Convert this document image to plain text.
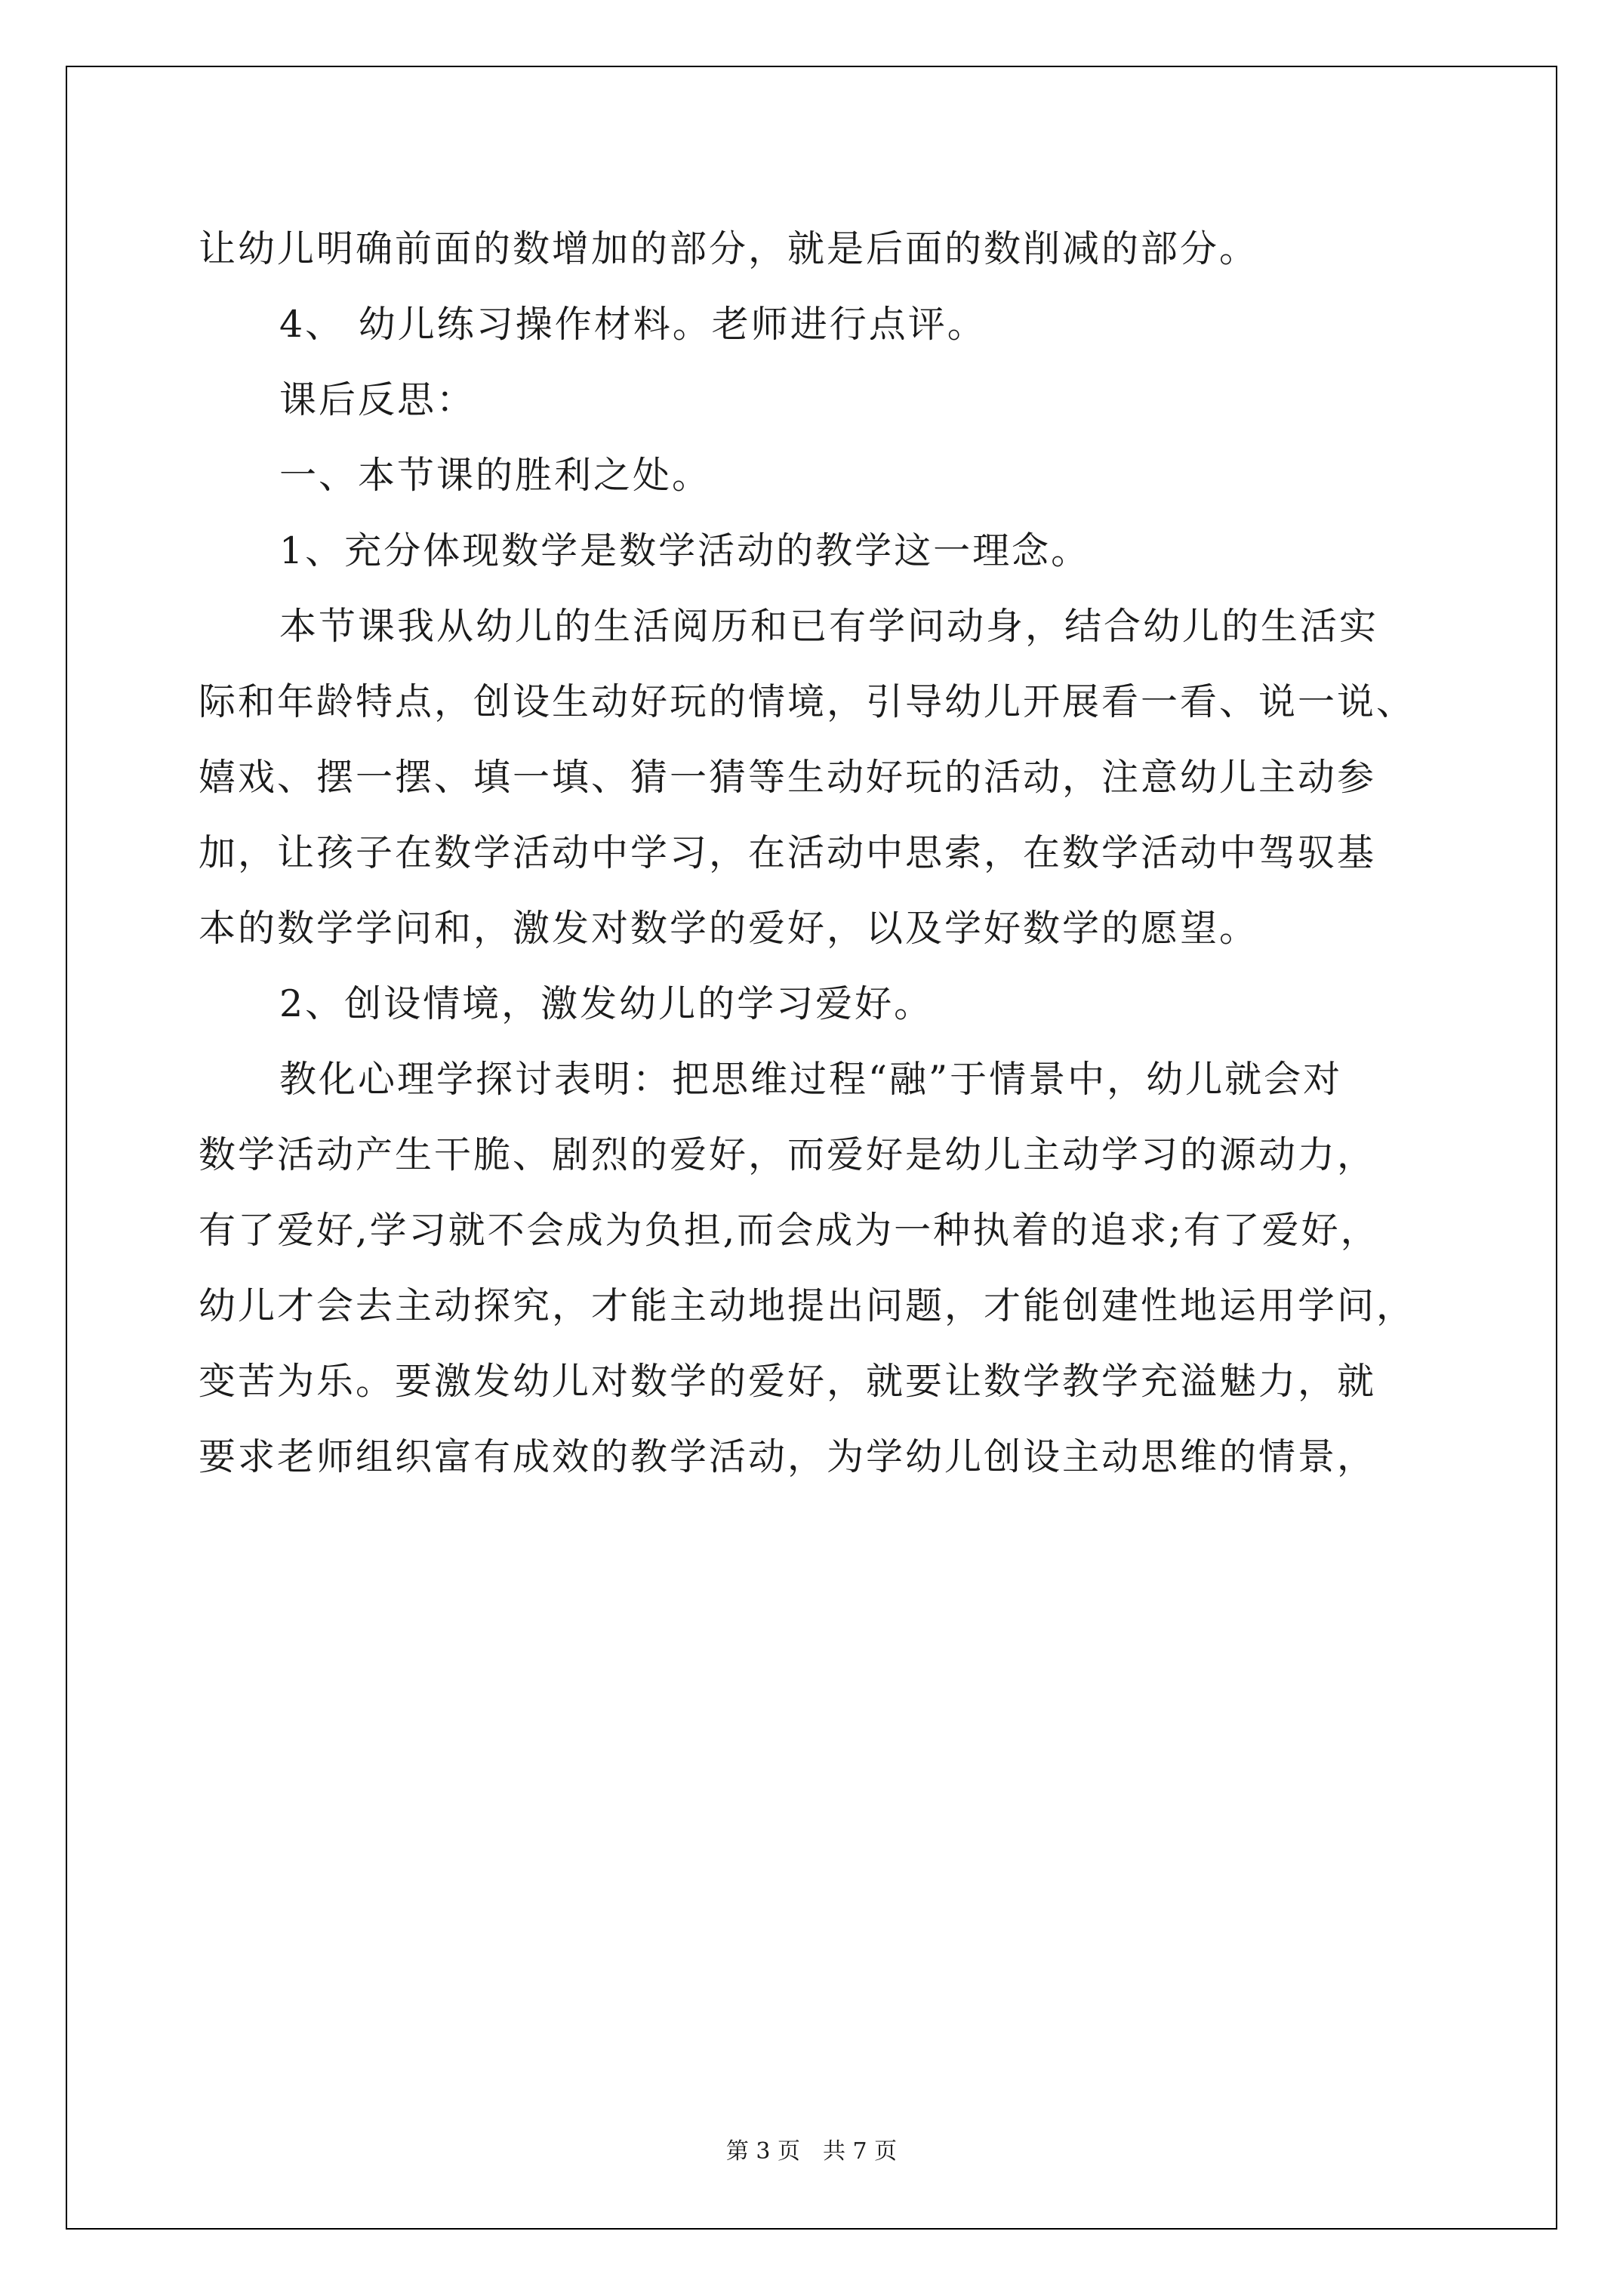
让幼儿明确前面的数增加的部分，就是后面的数削减的部分。
4、 幼儿练习操作材料。老师进行点评。
课后反思：
一、本节课的胜利之处。
1、充分体现数学是数学活动的教学这一理念。
本节课我从幼儿的生活阅历和已有学问动身，结合幼儿的生活实
际和年龄特点，创设生动好玩的情境，引导幼儿开展看一看、说一说、
嬉戏、摆一摆、填一填、猜一猜等生动好玩的活动，注意幼儿主动参
加，让孩子在数学活动中学习，在活动中思索，在数学活动中驾驭基
本的数学学问和，激发对数学的爱好，以及学好数学的愿望。
2、创设情境，激发幼儿的学习爱好。
教化心理学探讨表明：把思维过程“融”于情景中，幼儿就会对
数学活动产生干脆、剧烈的爱好，而爱好是幼儿主动学习的源动力，
有了爱好,学习就不会成为负担,而会成为一种执着的追求;有了爱好，
幼儿才会去主动探究，才能主动地提出问题，才能创建性地运用学问，
变苦为乐。要激发幼儿对数学的爱好，就要让数学教学充溢魅力，就
要求老师组织富有成效的教学活动，为学幼儿创设主动思维的情景，
第 3 页 共 7 页
